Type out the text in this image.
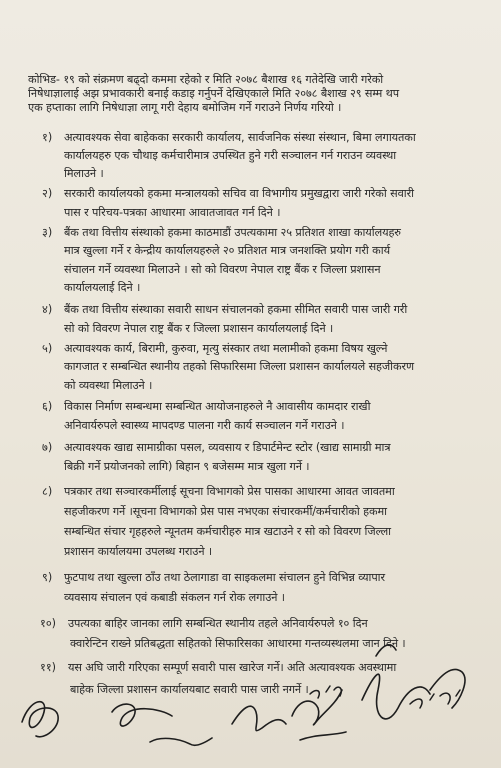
कोभिड- १९ को संक्रमण बढ्दो कममा रहेको र मिति २०७८ बैशाख १६ गतेदेखि जारी गरेको
निषेधाज्ञालाई अझ प्रभावकारी बनाई कडाइ गर्नुपर्ने देखिएकाले मिति २०७८ बैशाख २९ सम्म थप
एक हप्ताका लागि निषेधाज्ञा लागू गरी देहाय बमोजिम गर्ने गराउने निर्णय गरियो ।
१) अत्यावश्यक सेवा बाहेकका सरकारी कार्यालय, सार्वजनिक संस्था संस्थान, बिमा लगायतका
कार्यालयहरु एक चौथाइ कर्मचारीमात्र उपस्थित हुने गरी सञ्चालन गर्न गराउन व्यवस्था
मिलाउने ।
२) सरकारी कार्यालयको हकमा मन्त्रालयको सचिव वा विभागीय प्रमुखद्वारा जारी गरेको सवारी
पास र परिचय-पत्रका आधारमा आवातजावत गर्न दिने ।
३) बैंक तथा वित्तीय संस्थाको हकमा काठमाडौं उपत्यकामा २५ प्रतिशत शाखा कार्यालयहरु
मात्र खुल्ला गर्ने र केन्द्रीय कार्यालयहरुले २० प्रतिशत मात्र जनशक्ति प्रयोग गरी कार्य
संचालन गर्ने व्यवस्था मिलाउने । सो को विवरण नेपाल राष्ट्र बैंक र जिल्ला प्रशासन
कार्यालयलाई दिने ।
४) बैंक तथा वित्तीय संस्थाका सवारी साधन संचालनको हकमा सीमित सवारी पास जारी गरी
सो को विवरण नेपाल राष्ट्र बैंक र जिल्ला प्रशासन कार्यालयलाई दिने ।
५) अत्यावश्यक कार्य, बिरामी, कुरुवा, मृत्यु संस्कार तथा मलामीको हकमा विषय खुल्ने
कागजात र सम्बन्धित स्थानीय तहको सिफारिसमा जिल्ला प्रशासन कार्यालयले सहजीकरण
को व्यवस्था मिलाउने ।
६) विकास निर्माण सम्बन्धमा सम्बन्धित आयोजनाहरुले नै आवासीय कामदार राखी
अनिवार्यरुपले स्वास्थ्य मापदण्ड पालना गरी कार्य सञ्चालन गर्ने गराउने ।
७) अत्यावश्यक खाद्य सामाग्रीका पसल, व्यवसाय र डिपार्टमेन्ट स्टोर (खाद्य सामाग्री मात्र
बिक्री गर्ने प्रयोजनको लागि) बिहान ९ बजेसम्म मात्र खुला गर्ने ।
८) पत्रकार तथा सञ्चारकर्मीलाई सूचना विभागको प्रेस पासका आधारमा आवत जावतमा
सहजीकरण गर्ने ।सूचना विभागको प्रेस पास नभएका संचारकर्मी/कर्मचारीको हकमा
सम्बन्धित संचार गृहहरुले न्यूनतम कर्मचारीहरु मात्र खटाउने र सो को विवरण जिल्ला
प्रशासन कार्यालयमा उपलब्ध गराउने ।
९) फुटपाथ तथा खुल्ला ठाँउ तथा ठेलागाडा वा साइकलमा संचालन हुने विभिन्न व्यापार
व्यवसाय संचालन एवं कबाडी संकलन गर्न रोक लगाउने ।
१०) उपत्यका बाहिर जानका लागि सम्बन्धित स्थानीय तहले अनिवार्यरुपले १० दिन
क्वारेन्टिन राख्ने प्रतिबद्धता सहितको सिफारिसका आधारमा गन्तव्यस्थलमा जान दिने ।
११) यस अघि जारी गरिएका सम्पूर्ण सवारी पास खारेज गर्ने। अति अत्यावश्यक अवस्थामा
बाहेक जिल्ला प्रशासन कार्यालयबाट सवारी पास जारी नगर्ने ।
